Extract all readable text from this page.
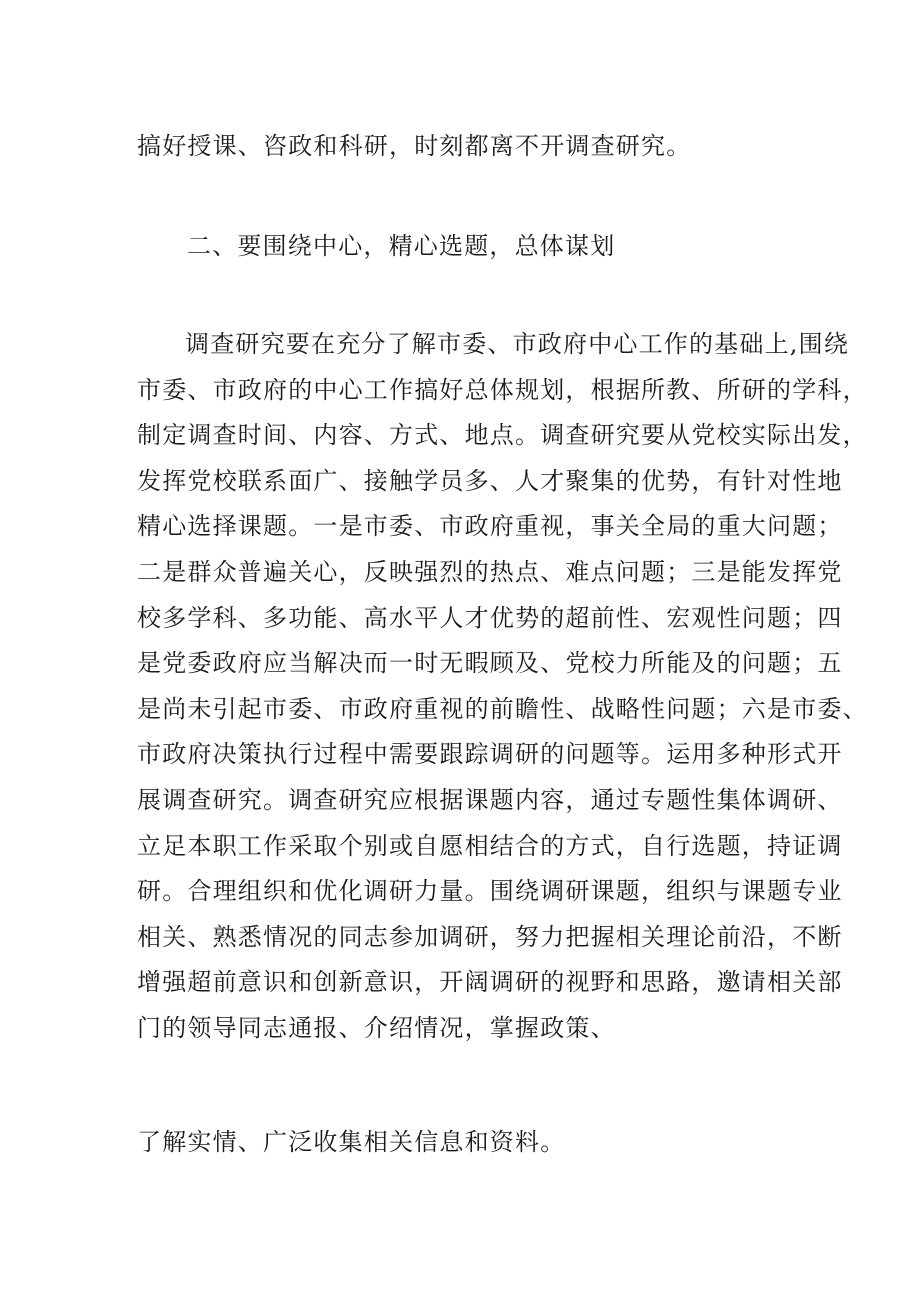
搞好授课、咨政和科研，时刻都离不开调查研究。
二、要围绕中心，精心选题，总体谋划
调查研究要在充分了解市委、市政府中心工作的基础上,围绕
市委、市政府的中心工作搞好总体规划，根据所教、所研的学科，
制定调查时间、内容、方式、地点。调查研究要从党校实际出发，
发挥党校联系面广、接触学员多、人才聚集的优势，有针对性地
精心选择课题。一是市委、市政府重视，事关全局的重大问题；
二是群众普遍关心，反映强烈的热点、难点问题；三是能发挥党
校多学科、多功能、高水平人才优势的超前性、宏观性问题；四
是党委政府应当解决而一时无暇顾及、党校力所能及的问题；五
是尚未引起市委、市政府重视的前瞻性、战略性问题；六是市委、
市政府决策执行过程中需要跟踪调研的问题等。运用多种形式开
展调查研究。调查研究应根据课题内容，通过专题性集体调研、
立足本职工作采取个别或自愿相结合的方式，自行选题，持证调
研。合理组织和优化调研力量。围绕调研课题，组织与课题专业
相关、熟悉情况的同志参加调研，努力把握相关理论前沿，不断
增强超前意识和创新意识，开阔调研的视野和思路，邀请相关部
门的领导同志通报、介绍情况，掌握政策、
了解实情、广泛收集相关信息和资料。
